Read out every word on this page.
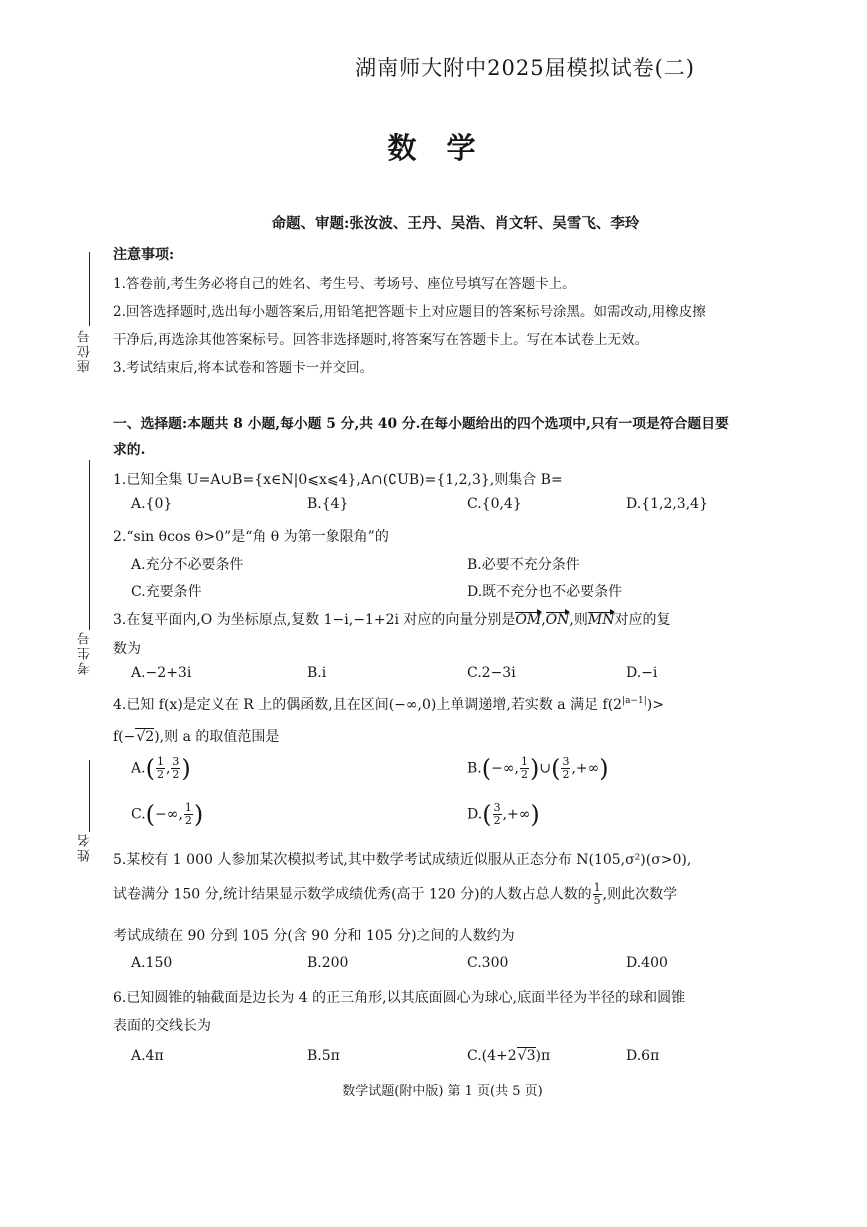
湖南师大附中2025届模拟试卷(二)
数学
命题、审题:张汝波、王丹、吴浩、肖文轩、吴雪飞、李玲
座位号
考生号
姓名
注意事项:
1.答卷前,考生务必将自己的姓名、考生号、考场号、座位号填写在答题卡上。
2.回答选择题时,选出每小题答案后,用铅笔把答题卡上对应题目的答案标号涂黑。如需改动,用橡皮擦
干净后,再选涂其他答案标号。回答非选择题时,将答案写在答题卡上。写在本试卷上无效。
3.考试结束后,将本试卷和答题卡一并交回。
一、选择题:本题共 8 小题,每小题 5 分,共 40 分.在每小题给出的四个选项中,只有一项是符合题目要
求的.
1.已知全集 U=A∪B={x∈N|0⩽x⩽4},A∩(∁UB)={1,2,3},则集合 B=
A.{0}	B.{4}	C.{0,4}	D.{1,2,3,4}
2.“sin θcos θ>0”是“角 θ 为第一象限角”的
A.充分不必要条件	B.必要不充分条件
C.充要条件	D.既不充分也不必要条件
3.在复平面内,O 为坐标原点,复数 1−i,−1+2i 对应的向量分别是OM,ON,则MN对应的复
数为
A.−2+3i	B.i	C.2−3i	D.−i
4.已知 f(x)是定义在 R 上的偶函数,且在区间(−∞,0)上单调递增,若实数 a 满足 $f(2^{|a-1|})>$
f(−√2),则 a 的取值范围是
$A.( \frac{1}{2}$ , $\frac{3}{2}$ )	B.(−∞, $\frac{1}{2}$ )∪( $\frac{3}{2}$ ,+∞)
C.(−∞, $\frac{1}{2}$ )	$D.( \frac{3}{2}$ ,+∞)
5.某校有 1 000 人参加某次模拟考试,其中数学考试成绩近似服从正态分布 N(105,σ²)(σ>0),
试卷满分 150 分,统计结果显示数学成绩优秀(高于 120 分)的人数占总人数的 $\frac{1}{5}$ ,则此次数学
考试成绩在 90 分到 105 分(含 90 分和 105 分)之间的人数约为
A.150	B.200	C.300	D.400
6.已知圆锥的轴截面是边长为 4 的正三角形,以其底面圆心为球心,底面半径为半径的球和圆锥
表面的交线长为
A.4π	B.5π	C.(4+2√3)π	D.6π
数学试题(附中版) 第 1 页(共 5 页)
